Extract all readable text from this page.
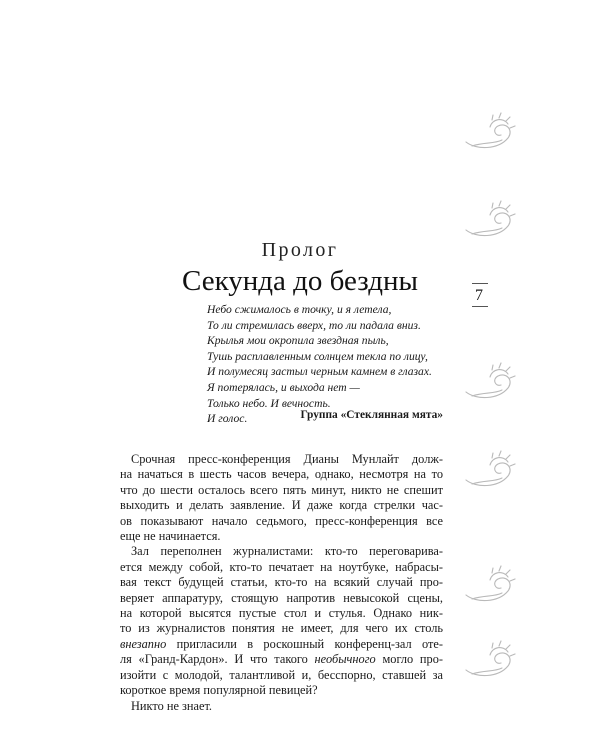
Пролог
Секунда до бездны
Небо сжималось в точку, и я летела,
То ли стремилась вверх, то ли падала вниз.
Крылья мои окропила звездная пыль,
Тушь расплавленным солнцем текла по лицу,
И полумесяц застыл черным камнем в глазах.
Я потерялась, и выхода нет —
Только небо. И вечность.
И голос.	Группа «Стеклянная мята»
Срочная пресс-конференция Дианы Мунлайт долж-
на начаться в шесть часов вечера, однако, несмотря на то
что до шести осталось всего пять минут, никто не спешит
выходить и делать заявление. И даже когда стрелки час-
ов показывают начало седьмого, пресс-конференция все
еще не начинается.
Зал переполнен журналистами: кто-то переговарива-
ется между собой, кто-то печатает на ноутбуке, набрасы-
вая текст будущей статьи, кто-то на всякий случай про-
веряет аппаратуру, стоящую напротив невысокой сцены,
на которой высятся пустые стол и стулья. Однако ник-
то из журналистов понятия не имеет, для чего их столь
внезапно пригласили в роскошный конференц-зал оте-
ля «Гранд-Кардон». И что такого необычного могло про-
изойти с молодой, талантливой и, бесспорно, ставшей за
короткое время популярной певицей?
Никто не знает.
7
